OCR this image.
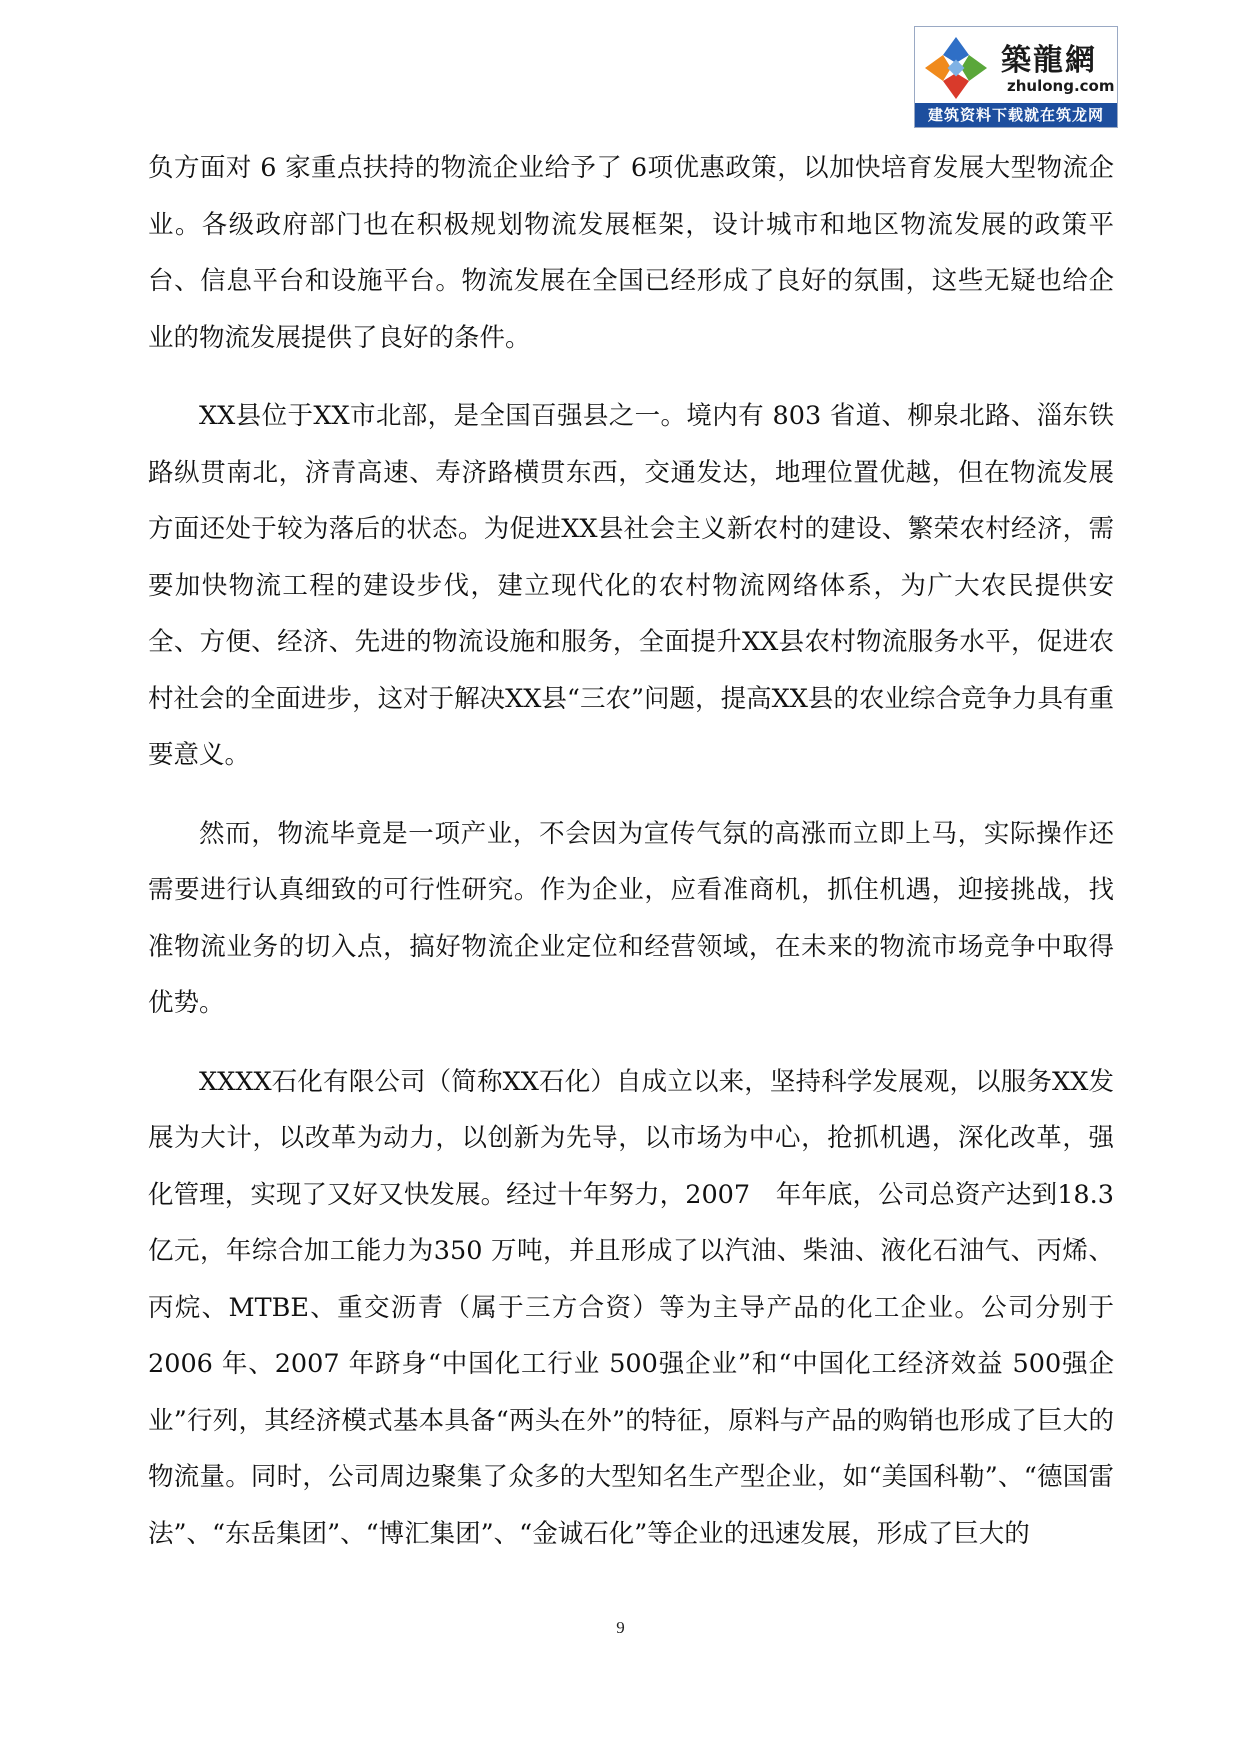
築龍網
zhulong.com
建筑资料下载就在筑龙网

负方面对 6 家重点扶持的物流企业给予了 6项优惠政策，以加快培育发展大型物流企业。各级政府部门也在积极规划物流发展框架，设计城市和地区物流发展的政策平台、信息平台和设施平台。物流发展在全国已经形成了良好的氛围，这些无疑也给企业的物流发展提供了良好的条件。

XX县位于XX市北部，是全国百强县之一。境内有 803 省道、柳泉北路、淄东铁路纵贯南北，济青高速、寿济路横贯东西，交通发达，地理位置优越，但在物流发展方面还处于较为落后的状态。为促进XX县社会主义新农村的建设、繁荣农村经济，需要加快物流工程的建设步伐，建立现代化的农村物流网络体系，为广大农民提供安全、方便、经济、先进的物流设施和服务，全面提升XX县农村物流服务水平，促进农村社会的全面进步，这对于解决XX县“三农”问题，提高XX县的农业综合竞争力具有重要意义。

然而，物流毕竟是一项产业，不会因为宣传气氛的高涨而立即上马，实际操作还需要进行认真细致的可行性研究。作为企业，应看准商机，抓住机遇，迎接挑战，找准物流业务的切入点，搞好物流企业定位和经营领域，在未来的物流市场竞争中取得优势。

XXXX石化有限公司（简称XX石化）自成立以来，坚持科学发展观，以服务XX发展为大计，以改革为动力，以创新为先导，以市场为中心，抢抓机遇，深化改革，强化管理，实现了又好又快发展。经过十年努力，2007　年年底，公司总资产达到18.3 亿元，年综合加工能力为350 万吨，并且形成了以汽油、柴油、液化石油气、丙烯、丙烷、MTBE、重交沥青（属于三方合资）等为主导产品的化工企业。公司分别于 2006 年、2007 年跻身“中国化工行业 500强企业”和“中国化工经济效益 500强企业”行列，其经济模式基本具备“两头在外”的特征，原料与产品的购销也形成了巨大的物流量。同时，公司周边聚集了众多的大型知名生产型企业，如“美国科勒”、“德国雷法”、“东岳集团”、“博汇集团”、“金诚石化”等企业的迅速发展，形成了巨大的

9
